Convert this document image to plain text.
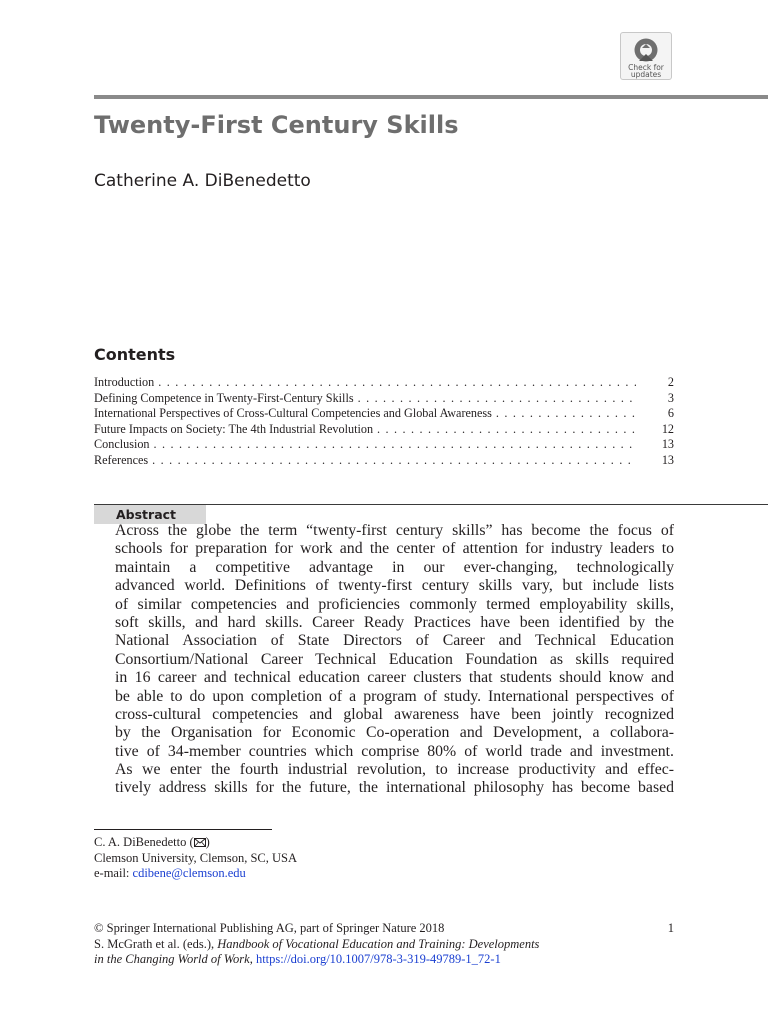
Check for
updates
Twenty-First Century Skills
Catherine A. DiBenedetto
Contents
Introduction . . .	2
Defining Competence in Twenty-First-Century Skills . . .	3
International Perspectives of Cross-Cultural Competencies and Global Awareness . . .	6
Future Impacts on Society: The 4th Industrial Revolution . . .	12
Conclusion . . .	13
References . . .	13
Abstract
Across the globe the term “twenty-first century skills” has become the focus of
schools for preparation for work and the center of attention for industry leaders to
maintain a competitive advantage in our ever-changing, technologically
advanced world. Definitions of twenty-first century skills vary, but include lists
of similar competencies and proficiencies commonly termed employability skills,
soft skills, and hard skills. Career Ready Practices have been identified by the
National Association of State Directors of Career and Technical Education
Consortium/National Career Technical Education Foundation as skills required
in 16 career and technical education career clusters that students should know and
be able to do upon completion of a program of study. International perspectives of
cross-cultural competencies and global awareness have been jointly recognized
by the Organisation for Economic Co-operation and Development, a collabora-
tive of 34-member countries which comprise 80% of world trade and investment.
As we enter the fourth industrial revolution, to increase productivity and effec-
tively address skills for the future, the international philosophy has become based
C. A. DiBenedetto ( )
Clemson University, Clemson, SC, USA
e-mail: cdibene@clemson.edu
© Springer International Publishing AG, part of Springer Nature 2018
S. McGrath et al. (eds.), Handbook of Vocational Education and Training: Developments
in the Changing World of Work, https://doi.org/10.1007/978-3-319-49789-1_72-1
1
